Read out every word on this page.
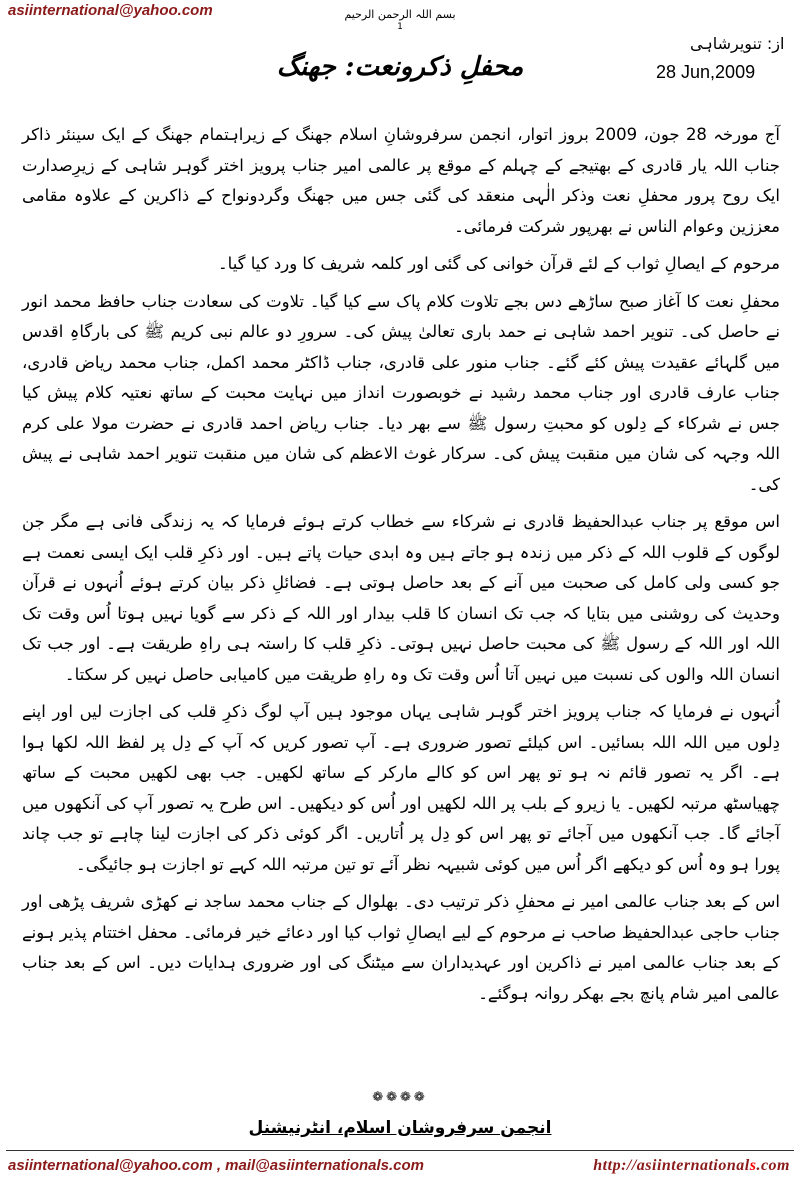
asiinternational@yahoo.com	بسم اللہ الرحمن الرحیم
1
از: تنویرشاہی
28 Jun,2009
محفلِ ذکرونعت: جھنگ

آج مورخہ 28 جون، 2009 بروز اتوار، انجمن سرفروشانِ اسلام جھنگ کے زیراہتمام جھنگ کے ایک سینئر ذاکر جناب اللہ یار قادری کے بھتیجے کے چہلم کے موقع پر عالمی امیر جناب پرویز اختر گوہر شاہی کے زیرِصدارت ایک روح پرور محفلِ نعت وذکر الٰہی منعقد کی گئی جس میں جھنگ وگردونواح کے ذاکرین کے علاوہ مقامی معززین وعوام الناس نے بھرپور شرکت فرمائی۔

مرحوم کے ایصالِ ثواب کے لئے قرآن خوانی کی گئی اور کلمہ شریف کا ورد کیا گیا۔

محفلِ نعت کا آغاز صبح ساڑھے دس بجے تلاوت کلام پاک سے کیا گیا۔ تلاوت کی سعادت جناب حافظ محمد انور نے حاصل کی۔ تنویر احمد شاہی نے حمد باری تعالیٰ پیش کی۔ سرورِ دو عالم نبی کریم ﷺ کی بارگاہِ اقدس میں گلہائے عقیدت پیش کئے گئے۔ جناب منور علی قادری، جناب ڈاکٹر محمد اکمل، جناب محمد ریاض قادری، جناب عارف قادری اور جناب محمد رشید نے خوبصورت انداز میں نہایت محبت کے ساتھ نعتیہ کلام پیش کیا جس نے شرکاء کے دِلوں کو محبتِ رسول ﷺ سے بھر دیا۔ جناب ریاض احمد قادری نے حضرت مولا علی کرم اللہ وجہہ کی شان میں منقبت پیش کی۔ سرکار غوث الاعظم کی شان میں منقبت تنویر احمد شاہی نے پیش کی۔

اس موقع پر جناب عبدالحفیظ قادری نے شرکاء سے خطاب کرتے ہوئے فرمایا کہ یہ زندگی فانی ہے مگر جن لوگوں کے قلوب اللہ کے ذکر میں زندہ ہو جاتے ہیں وہ ابدی حیات پاتے ہیں۔ اور ذکرِ قلب ایک ایسی نعمت ہے جو کسی ولی کامل کی صحبت میں آنے کے بعد حاصل ہوتی ہے۔ فضائلِ ذکر بیان کرتے ہوئے اُنہوں نے قرآن وحدیث کی روشنی میں بتایا کہ جب تک انسان کا قلب بیدار اور اللہ کے ذکر سے گویا نہیں ہوتا اُس وقت تک اللہ اور اللہ کے رسول ﷺ کی محبت حاصل نہیں ہوتی۔ ذکرِ قلب کا راستہ ہی راہِ طریقت ہے۔ اور جب تک انسان اللہ والوں کی نسبت میں نہیں آتا اُس وقت تک وہ راہِ طریقت میں کامیابی حاصل نہیں کر سکتا۔

اُنہوں نے فرمایا کہ جناب پرویز اختر گوہر شاہی یہاں موجود ہیں آپ لوگ ذکرِ قلب کی اجازت لیں اور اپنے دِلوں میں اللہ اللہ بسائیں۔ اس کیلئے تصور ضروری ہے۔ آپ تصور کریں کہ آپ کے دِل پر لفظ اللہ لکھا ہوا ہے۔ اگر یہ تصور قائم نہ ہو تو پھر اس کو کالے مارکر کے ساتھ لکھیں۔ جب بھی لکھیں محبت کے ساتھ چھیاسٹھ مرتبہ لکھیں۔ یا زیرو کے بلب پر اللہ لکھیں اور اُس کو دیکھیں۔ اس طرح یہ تصور آپ کی آنکھوں میں آجائے گا۔ جب آنکھوں میں آجائے تو پھر اس کو دِل پر اُتاریں۔ اگر کوئی ذکر کی اجازت لینا چاہے تو جب چاند پورا ہو وہ اُس کو دیکھے اگر اُس میں کوئی شبیہہ نظر آئے تو تین مرتبہ اللہ کہے تو اجازت ہو جائیگی۔

اس کے بعد جناب عالمی امیر نے محفلِ ذکر ترتیب دی۔ بھلوال کے جناب محمد ساجد نے کھڑی شریف پڑھی اور جناب حاجی عبدالحفیظ صاحب نے مرحوم کے لیے ایصالِ ثواب کیا اور دعائے خیر فرمائی۔ محفل اختتام پذیر ہونے کے بعد جناب عالمی امیر نے ذاکرین اور عہدیداران سے میٹنگ کی اور ضروری ہدایات دیں۔ اس کے بعد جناب عالمی امیر شام پانچ بجے بھکر روانہ ہوگئے۔

❁❁❁❁
انجمن سرفروشان اسلام، انٹرنیشنل
asiinternational@yahoo.com , mail@asiinternationals.com	http://asiinternationals.com
